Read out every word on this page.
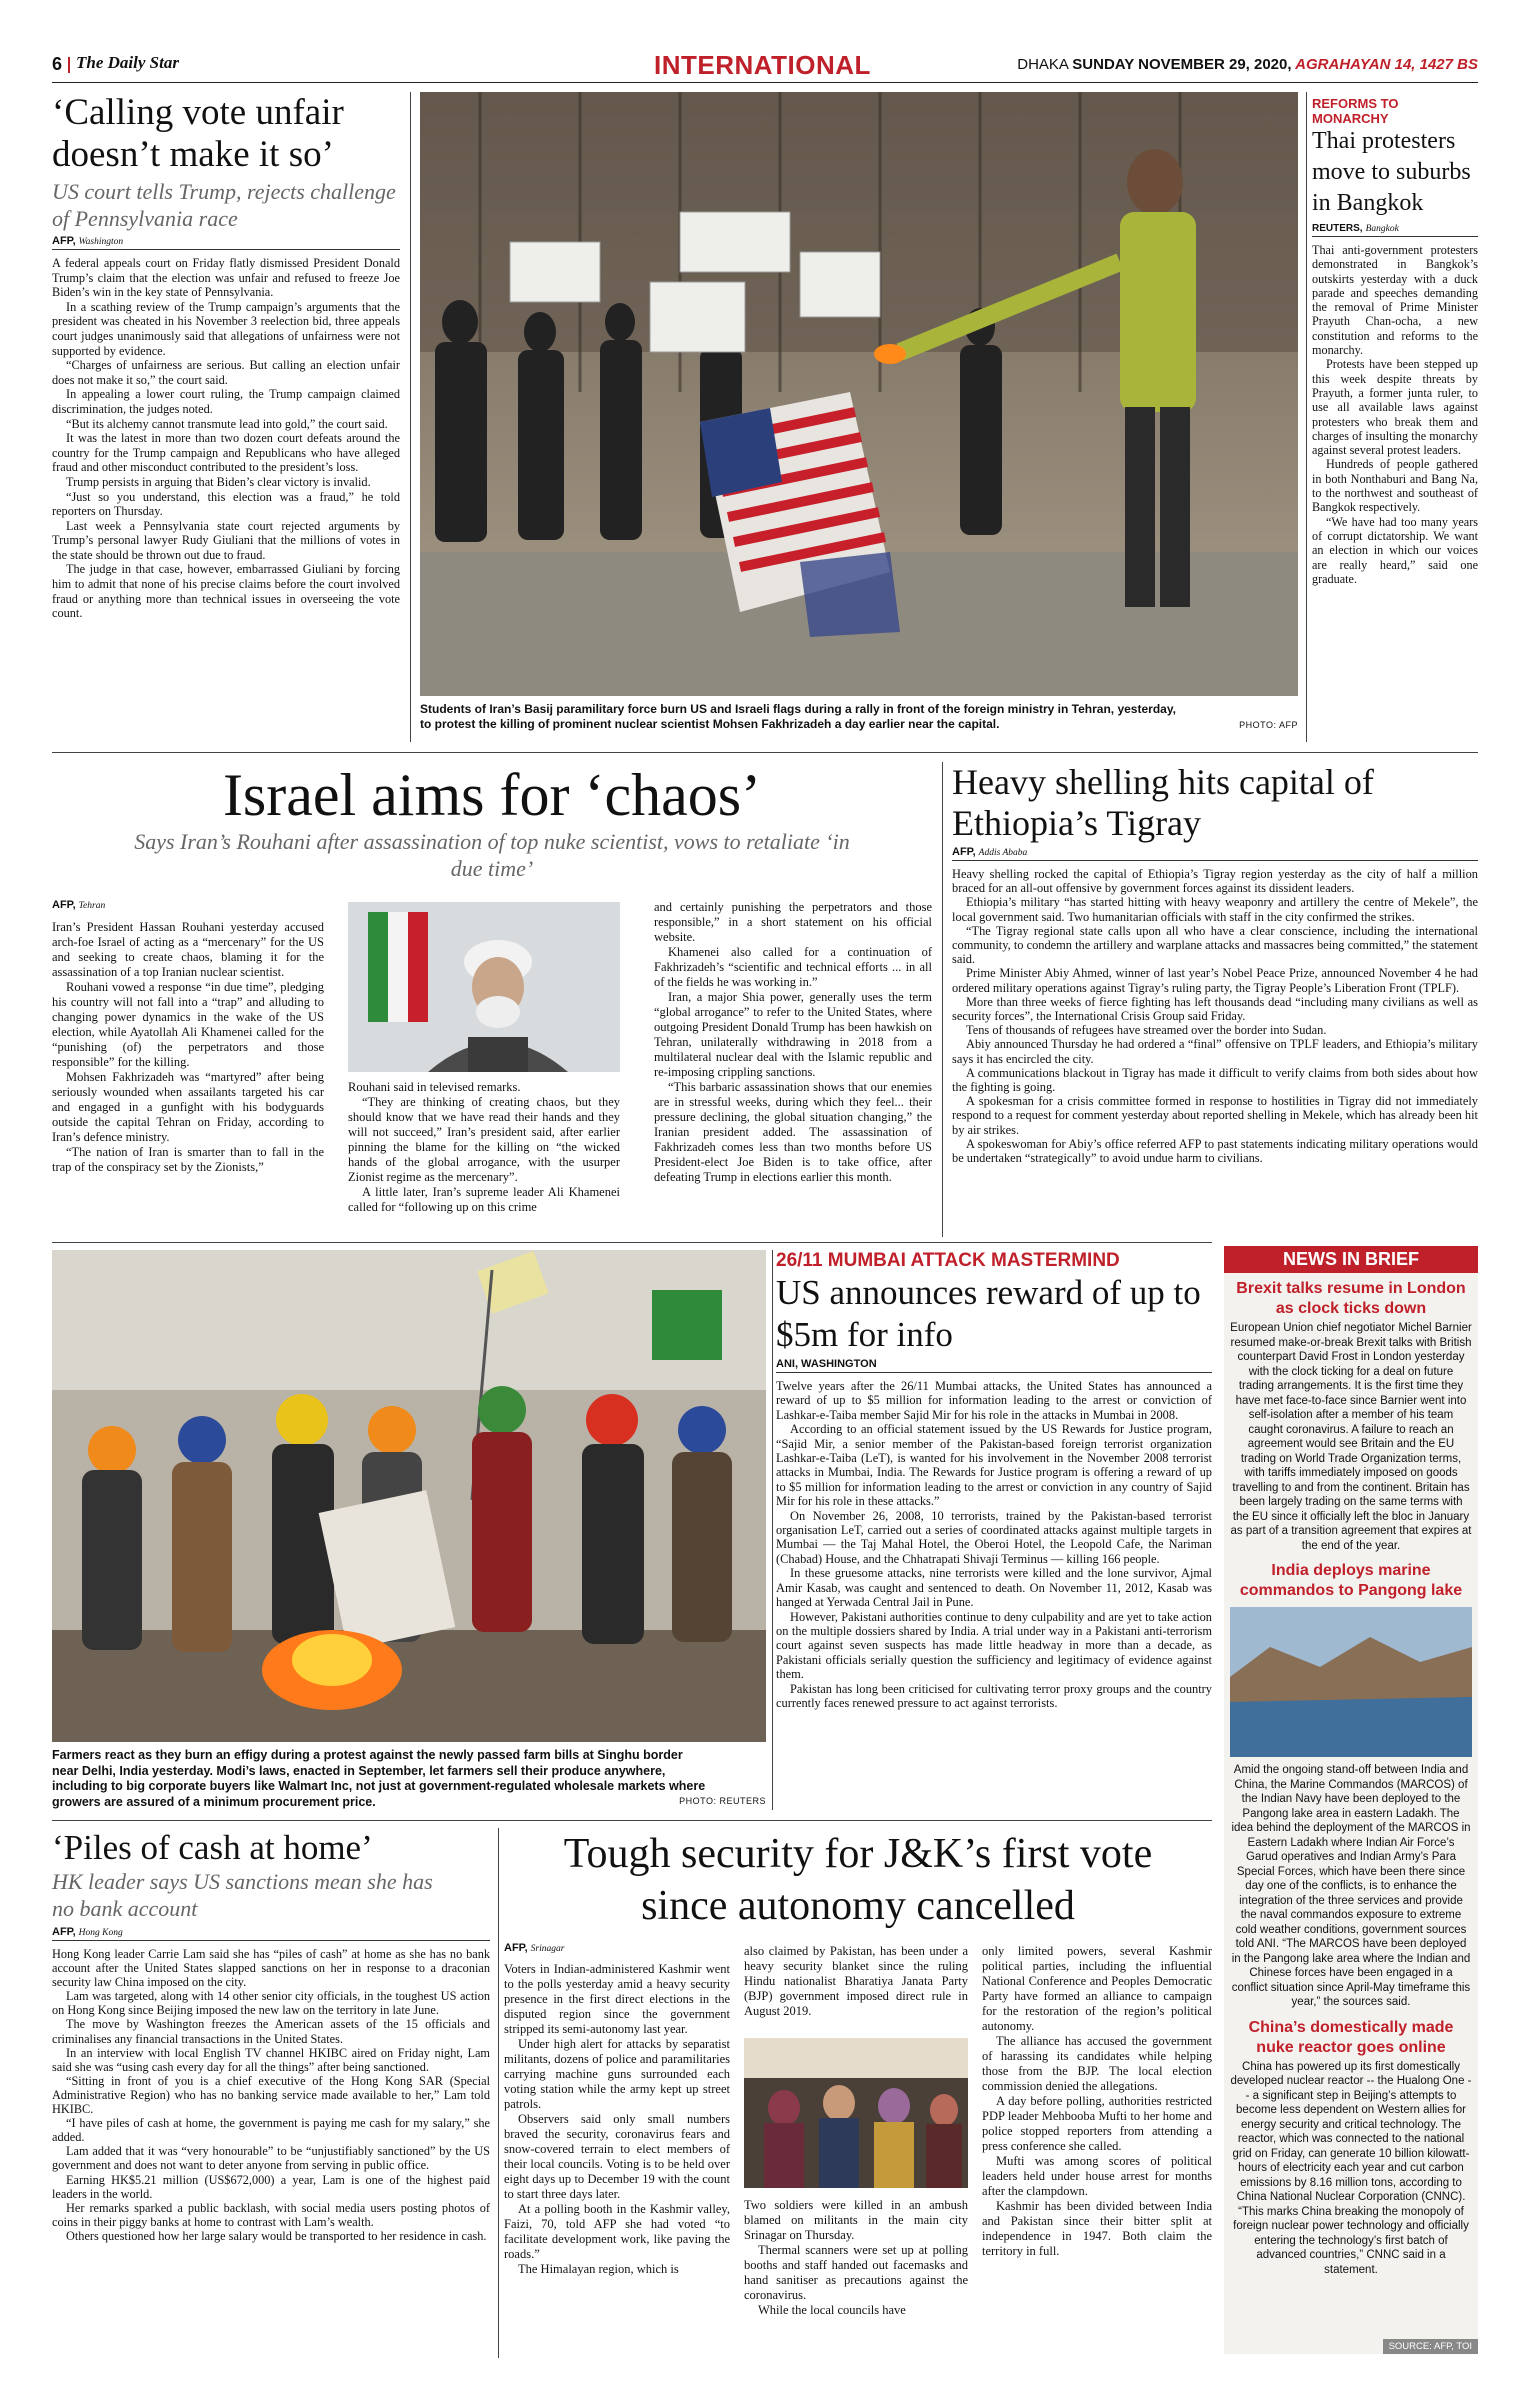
6 The Daily Star	INTERNATIONAL	DHAKA SUNDAY NOVEMBER 29, 2020, AGRAHAYAN 14, 1427 BS
‘Calling vote unfair doesn’t make it so’
US court tells Trump, rejects challenge of Pennsylvania race
AFP, Washington

A federal appeals court on Friday flatly dismissed President Donald Trump’s claim that the election was unfair and refused to freeze Joe Biden’s win in the key state of Pennsylvania.

In a scathing review of the Trump campaign’s arguments that the president was cheated in his November 3 reelection bid, three appeals court judges unanimously said that allegations of unfairness were not supported by evidence.

“Charges of unfairness are serious. But calling an election unfair does not make it so,” the court said.

In appealing a lower court ruling, the Trump campaign claimed discrimination, the judges noted.

“But its alchemy cannot transmute lead into gold,” the court said.

It was the latest in more than two dozen court defeats around the country for the Trump campaign and Republicans who have alleged fraud and other misconduct contributed to the president’s loss.

Trump persists in arguing that Biden’s clear victory is invalid.

“Just so you understand, this election was a fraud,” he told reporters on Thursday.

Last week a Pennsylvania state court rejected arguments by Trump’s personal lawyer Rudy Giuliani that the millions of votes in the state should be thrown out due to fraud.

The judge in that case, however, embarrassed Giuliani by forcing him to admit that none of his precise claims before the court involved fraud or anything more than technical issues in overseeing the vote count.

Students of Iran’s Basij paramilitary force burn US and Israeli flags during a rally in front of the foreign ministry in Tehran, yesterday, to protest the killing of prominent nuclear scientist Mohsen Fakhrizadeh a day earlier near the capital.	PHOTO: AFP
REFORMS TO MONARCHY
Thai protesters move to suburbs in Bangkok
REUTERS, Bangkok

Thai anti-government protesters demonstrated in Bangkok’s outskirts yesterday with a duck parade and speeches demanding the removal of Prime Minister Prayuth Chan-ocha, a new constitution and reforms to the monarchy.

Protests have been stepped up this week despite threats by Prayuth, a former junta ruler, to use all available laws against protesters who break them and charges of insulting the monarchy against several protest leaders.

Hundreds of people gathered in both Nonthaburi and Bang Na, to the northwest and southeast of Bangkok respectively.

“We have had too many years of corrupt dictatorship. We want an election in which our voices are really heard,” said one graduate.

Israel aims for ‘chaos’
Says Iran’s Rouhani after assassination of top nuke scientist, vows to retaliate ‘in due time’
AFP, Tehran

Iran’s President Hassan Rouhani yesterday accused arch-foe Israel of acting as a “mercenary” for the US and seeking to create chaos, blaming it for the assassination of a top Iranian nuclear scientist.

Rouhani vowed a response “in due time”, pledging his country will not fall into a “trap” and alluding to changing power dynamics in the wake of the US election, while Ayatollah Ali Khamenei called for the “punishing (of) the perpetrators and those responsible” for the killing.

Mohsen Fakhrizadeh was “martyred” after being seriously wounded when assailants targeted his car and engaged in a gunfight with his bodyguards outside the capital Tehran on Friday, according to Iran’s defence ministry.

“The nation of Iran is smarter than to fall in the trap of the conspiracy set by the Zionists,”

Rouhani said in televised remarks.

“They are thinking of creating chaos, but they should know that we have read their hands and they will not succeed,” Iran’s president said, after earlier pinning the blame for the killing on “the wicked hands of the global arrogance, with the usurper Zionist regime as the mercenary”.

A little later, Iran’s supreme leader Ali Khamenei called for “following up on this crime

and certainly punishing the perpetrators and those responsible,” in a short statement on his official website.

Khamenei also called for a continuation of Fakhrizadeh’s “scientific and technical efforts ... in all of the fields he was working in.”

Iran, a major Shia power, generally uses the term “global arrogance” to refer to the United States, where outgoing President Donald Trump has been hawkish on Tehran, unilaterally withdrawing in 2018 from a multilateral nuclear deal with the Islamic republic and re-imposing crippling sanctions.

“This barbaric assassination shows that our enemies are in stressful weeks, during which they feel... their pressure declining, the global situation changing,” the Iranian president added. The assassination of Fakhrizadeh comes less than two months before US President-elect Joe Biden is to take office, after defeating Trump in elections earlier this month.

Heavy shelling hits capital of Ethiopia’s Tigray
AFP, Addis Ababa

Heavy shelling rocked the capital of Ethiopia’s Tigray region yesterday as the city of half a million braced for an all-out offensive by government forces against its dissident leaders.

Ethiopia’s military “has started hitting with heavy weaponry and artillery the centre of Mekele”, the local government said. Two humanitarian officials with staff in the city confirmed the strikes.

“The Tigray regional state calls upon all who have a clear conscience, including the international community, to condemn the artillery and warplane attacks and massacres being committed,” the statement said.

Prime Minister Abiy Ahmed, winner of last year’s Nobel Peace Prize, announced November 4 he had ordered military operations against Tigray’s ruling party, the Tigray People’s Liberation Front (TPLF).

More than three weeks of fierce fighting has left thousands dead “including many civilians as well as security forces”, the International Crisis Group said Friday.

Tens of thousands of refugees have streamed over the border into Sudan.

Abiy announced Thursday he had ordered a “final” offensive on TPLF leaders, and Ethiopia’s military says it has encircled the city.

A communications blackout in Tigray has made it difficult to verify claims from both sides about how the fighting is going.

A spokesman for a crisis committee formed in response to hostilities in Tigray did not immediately respond to a request for comment yesterday about reported shelling in Mekele, which has already been hit by air strikes.

A spokeswoman for Abiy’s office referred AFP to past statements indicating military operations would be undertaken “strategically” to avoid undue harm to civilians.

Farmers react as they burn an effigy during a protest against the newly passed farm bills at Singhu border near Delhi, India yesterday. Modi’s laws, enacted in September, let farmers sell their produce anywhere, including to big corporate buyers like Walmart Inc, not just at government-regulated wholesale markets where growers are assured of a minimum procurement price.	PHOTO: REUTERS
26/11 MUMBAI ATTACK MASTERMIND
US announces reward of up to $5m for info
ANI, WASHINGTON

Twelve years after the 26/11 Mumbai attacks, the United States has announced a reward of up to $5 million for information leading to the arrest or conviction of Lashkar-e-Taiba member Sajid Mir for his role in the attacks in Mumbai in 2008.

According to an official statement issued by the US Rewards for Justice program, “Sajid Mir, a senior member of the Pakistan-based foreign terrorist organization Lashkar-e-Taiba (LeT), is wanted for his involvement in the November 2008 terrorist attacks in Mumbai, India. The Rewards for Justice program is offering a reward of up to $5 million for information leading to the arrest or conviction in any country of Sajid Mir for his role in these attacks.”

On November 26, 2008, 10 terrorists, trained by the Pakistan-based terrorist organisation LeT, carried out a series of coordinated attacks against multiple targets in Mumbai — the Taj Mahal Hotel, the Oberoi Hotel, the Leopold Cafe, the Nariman (Chabad) House, and the Chhatrapati Shivaji Terminus — killing 166 people.

In these gruesome attacks, nine terrorists were killed and the lone survivor, Ajmal Amir Kasab, was caught and sentenced to death. On November 11, 2012, Kasab was hanged at Yerwada Central Jail in Pune.

However, Pakistani authorities continue to deny culpability and are yet to take action on the multiple dossiers shared by India. A trial under way in a Pakistani anti-terrorism court against seven suspects has made little headway in more than a decade, as Pakistani officials serially question the sufficiency and legitimacy of evidence against them.

Pakistan has long been criticised for cultivating terror proxy groups and the country currently faces renewed pressure to act against terrorists.

NEWS IN BRIEF
Brexit talks resume in London as clock ticks down
European Union chief negotiator Michel Barnier resumed make-or-break Brexit talks with British counterpart David Frost in London yesterday with the clock ticking for a deal on future trading arrangements. It is the first time they have met face-to-face since Barnier went into self-isolation after a member of his team caught coronavirus. A failure to reach an agreement would see Britain and the EU trading on World Trade Organization terms, with tariffs immediately imposed on goods travelling to and from the continent. Britain has been largely trading on the same terms with the EU since it officially left the bloc in January as part of a transition agreement that expires at the end of the year.
India deploys marine commandos to Pangong lake
Amid the ongoing stand-off between India and China, the Marine Commandos (MARCOS) of the Indian Navy have been deployed to the Pangong lake area in eastern Ladakh. The idea behind the deployment of the MARCOS in Eastern Ladakh where Indian Air Force’s Garud operatives and Indian Army’s Para Special Forces, which have been there since day one of the conflicts, is to enhance the integration of the three services and provide the naval commandos exposure to extreme cold weather conditions, government sources told ANI. “The MARCOS have been deployed in the Pangong lake area where the Indian and Chinese forces have been engaged in a conflict situation since April-May timeframe this year,” the sources said.
China’s domestically made nuke reactor goes online
China has powered up its first domestically developed nuclear reactor -- the Hualong One -- a significant step in Beijing’s attempts to become less dependent on Western allies for energy security and critical technology. The reactor, which was connected to the national grid on Friday, can generate 10 billion kilowatt-hours of electricity each year and cut carbon emissions by 8.16 million tons, according to China National Nuclear Corporation (CNNC). “This marks China breaking the monopoly of foreign nuclear power technology and officially entering the technology’s first batch of advanced countries,” CNNC said in a statement.
SOURCE: AFP, TOI
‘Piles of cash at home’
HK leader says US sanctions mean she has no bank account
AFP, Hong Kong

Hong Kong leader Carrie Lam said she has “piles of cash” at home as she has no bank account after the United States slapped sanctions on her in response to a draconian security law China imposed on the city.

Lam was targeted, along with 14 other senior city officials, in the toughest US action on Hong Kong since Beijing imposed the new law on the territory in late June.

The move by Washington freezes the American assets of the 15 officials and criminalises any financial transactions in the United States.

In an interview with local English TV channel HKIBC aired on Friday night, Lam said she was “using cash every day for all the things” after being sanctioned.

“Sitting in front of you is a chief executive of the Hong Kong SAR (Special Administrative Region) who has no banking service made available to her,” Lam told HKIBC.

“I have piles of cash at home, the government is paying me cash for my salary,” she added.

Lam added that it was “very honourable” to be “unjustifiably sanctioned” by the US government and does not want to deter anyone from serving in public office.

Earning HK$5.21 million (US$672,000) a year, Lam is one of the highest paid leaders in the world.

Her remarks sparked a public backlash, with social media users posting photos of coins in their piggy banks at home to contrast with Lam’s wealth.

Others questioned how her large salary would be transported to her residence in cash.

Tough security for J&K’s first vote since autonomy cancelled
AFP, Srinagar

Voters in Indian-administered Kashmir went to the polls yesterday amid a heavy security presence in the first direct elections in the disputed region since the government stripped its semi-autonomy last year.

Under high alert for attacks by separatist militants, dozens of police and paramilitaries carrying machine guns surrounded each voting station while the army kept up street patrols.

Observers said only small numbers braved the security, coronavirus fears and snow-covered terrain to elect members of their local councils. Voting is to be held over eight days up to December 19 with the count to start three days later.

At a polling booth in the Kashmir valley, Faizi, 70, told AFP she had voted “to facilitate development work, like paving the roads.”

The Himalayan region, which is

also claimed by Pakistan, has been under a heavy security blanket since the ruling Hindu nationalist Bharatiya Janata Party (BJP) government imposed direct rule in August 2019.

Two soldiers were killed in an ambush blamed on militants in the main city Srinagar on Thursday.

Thermal scanners were set up at polling booths and staff handed out facemasks and hand sanitiser as precautions against the coronavirus.

While the local councils have

only limited powers, several Kashmir political parties, including the influential National Conference and Peoples Democratic Party have formed an alliance to campaign for the restoration of the region’s political autonomy.

The alliance has accused the government of harassing its candidates while helping those from the BJP. The local election commission denied the allegations.

A day before polling, authorities restricted PDP leader Mehbooba Mufti to her home and police stopped reporters from attending a press conference she called.

Mufti was among scores of political leaders held under house arrest for months after the clampdown.

Kashmir has been divided between India and Pakistan since their bitter split at independence in 1947. Both claim the territory in full.
